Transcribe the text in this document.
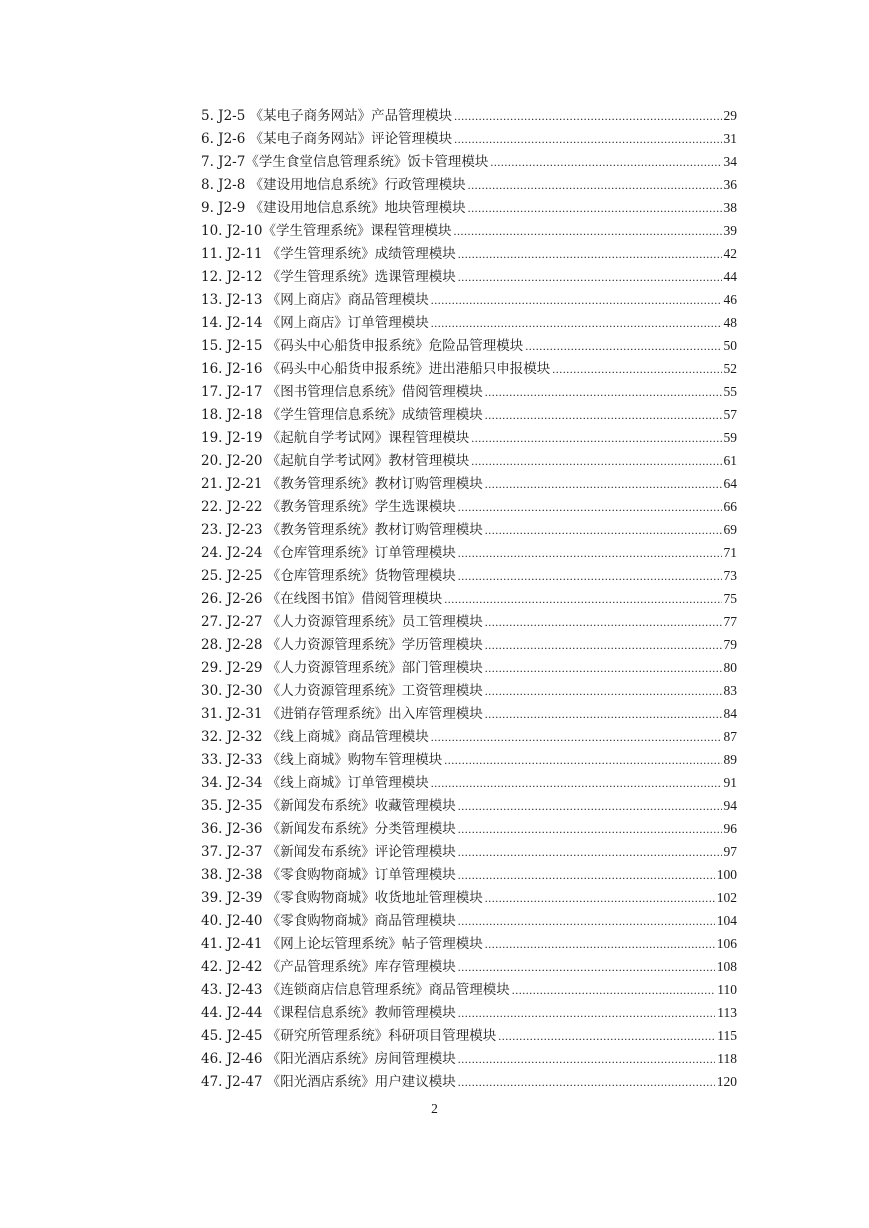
5. J2-5 《某电子商务网站》产品管理模块 .....	29
6. J2-6 《某电子商务网站》评论管理模块 .....	31
7. J2-7《学生食堂信息管理系统》饭卡管理模块 .....	34
8. J2-8 《建设用地信息系统》行政管理模块 .....	36
9. J2-9 《建设用地信息系统》地块管理模块 .....	38
10. J2-10《学生管理系统》课程管理模块 .....	39
11. J2-11 《学生管理系统》成绩管理模块 .....	42
12. J2-12 《学生管理系统》选课管理模块 .....	44
13. J2-13 《网上商店》商品管理模块 .....	46
14. J2-14 《网上商店》订单管理模块 .....	48
15. J2-15 《码头中心船货申报系统》危险品管理模块 .....	50
16. J2-16 《码头中心船货申报系统》进出港船只申报模块 .....	52
17. J2-17 《图书管理信息系统》借阅管理模块 .....	55
18. J2-18 《学生管理信息系统》成绩管理模块 .....	57
19. J2-19 《起航自学考试网》课程管理模块 .....	59
20. J2-20 《起航自学考试网》教材管理模块 .....	61
21. J2-21 《教务管理系统》教材订购管理模块 .....	64
22. J2-22 《教务管理系统》学生选课模块 .....	66
23. J2-23 《教务管理系统》教材订购管理模块 .....	69
24. J2-24 《仓库管理系统》订单管理模块 .....	71
25. J2-25 《仓库管理系统》货物管理模块 .....	73
26. J2-26 《在线图书馆》借阅管理模块 .....	75
27. J2-27 《人力资源管理系统》员工管理模块 .....	77
28. J2-28 《人力资源管理系统》学历管理模块 .....	79
29. J2-29 《人力资源管理系统》部门管理模块 .....	80
30. J2-30 《人力资源管理系统》工资管理模块 .....	83
31. J2-31 《进销存管理系统》出入库管理模块 .....	84
32. J2-32 《线上商城》商品管理模块 .....	87
33. J2-33 《线上商城》购物车管理模块 .....	89
34. J2-34 《线上商城》订单管理模块 .....	91
35. J2-35 《新闻发布系统》收藏管理模块 .....	94
36. J2-36 《新闻发布系统》分类管理模块 .....	96
37. J2-37 《新闻发布系统》评论管理模块 .....	97
38. J2-38 《零食购物商城》订单管理模块 .....	100
39. J2-39 《零食购物商城》收货地址管理模块 .....	102
40. J2-40 《零食购物商城》商品管理模块 .....	104
41. J2-41 《网上论坛管理系统》帖子管理模块 .....	106
42. J2-42 《产品管理系统》库存管理模块 .....	108
43. J2-43 《连锁商店信息管理系统》商品管理模块 .....	110
44. J2-44 《课程信息系统》教师管理模块 .....	113
45. J2-45 《研究所管理系统》科研项目管理模块 .....	115
46. J2-46 《阳光酒店系统》房间管理模块 .....	118
47. J2-47 《阳光酒店系统》用户建议模块 .....	120
2
